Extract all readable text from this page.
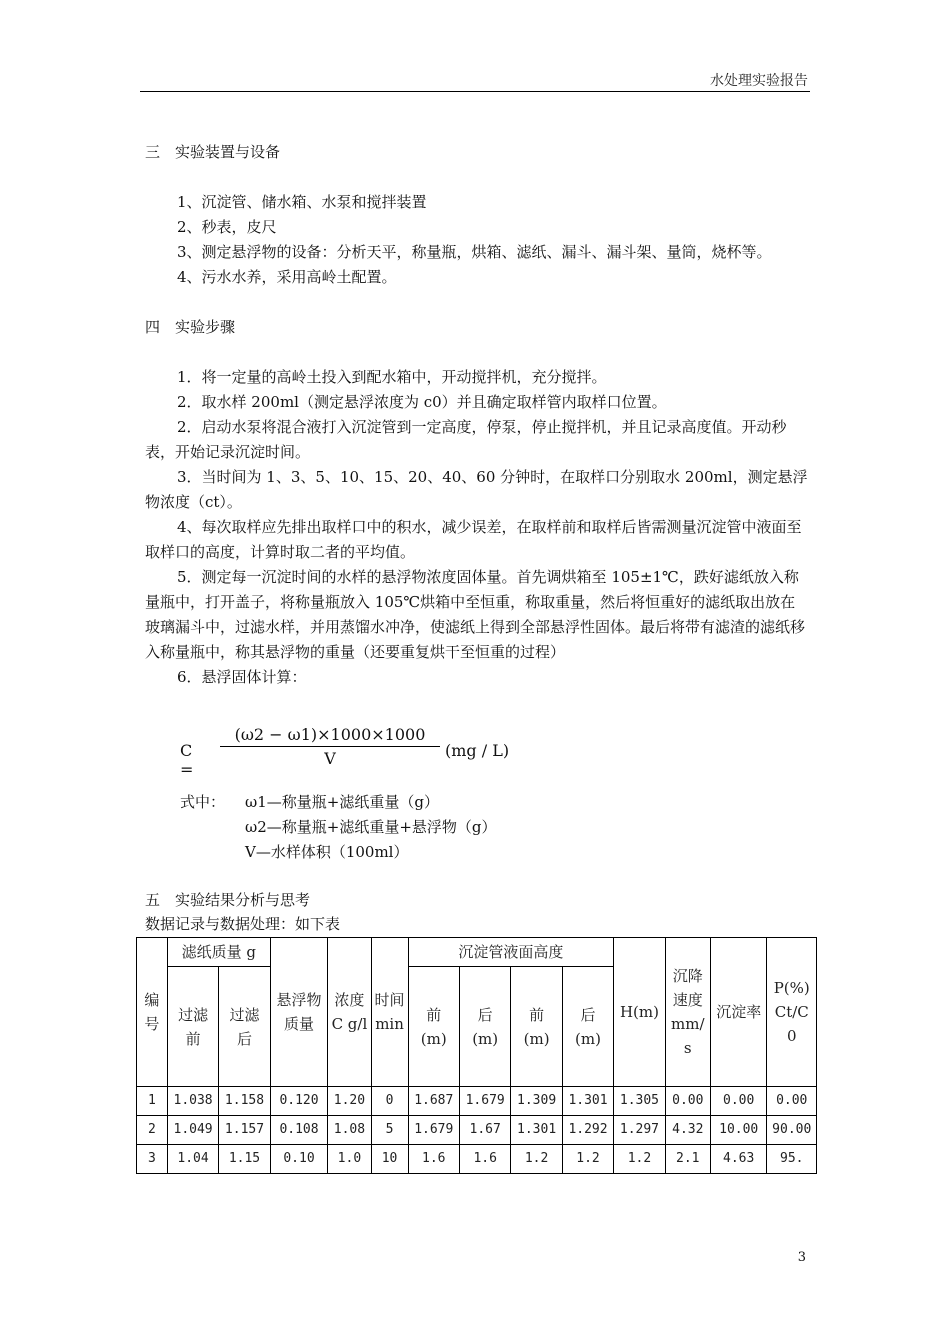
水处理实验报告
三　实验装置与设备
1、沉淀管、储水箱、水泵和搅拌装置
2、秒表，皮尺
3、测定悬浮物的设备：分析天平，称量瓶，烘箱、滤纸、漏斗、漏斗架、量筒，烧杯等。
4、污水水养，采用高岭土配置。
四　实验步骤
1．将一定量的高岭土投入到配水箱中，开动搅拌机，充分搅拌。
2．取水样 200ml（测定悬浮浓度为 c0）并且确定取样管内取样口位置。
2．启动水泵将混合液打入沉淀管到一定高度，停泵，停止搅拌机，并且记录高度值。开动秒表，开始记录沉淀时间。
3．当时间为 1、3、5、10、15、20、40、60 分钟时，在取样口分别取水 200ml，测定悬浮物浓度（ct）。
4、每次取样应先排出取样口中的积水，减少误差，在取样前和取样后皆需测量沉淀管中液面至取样口的高度，计算时取二者的平均值。
5．测定每一沉淀时间的水样的悬浮物浓度固体量。首先调烘箱至 105±1℃，跌好滤纸放入称量瓶中，打开盖子，将称量瓶放入 105℃烘箱中至恒重，称取重量，然后将恒重好的滤纸取出放在玻璃漏斗中，过滤水样，并用蒸馏水冲净，使滤纸上得到全部悬浮性固体。最后将带有滤渣的滤纸移入称量瓶中，称其悬浮物的重量（还要重复烘干至恒重的过程）
6．悬浮固体计算：
C =
$\frac{(\omega 2 - \omega 1)\times 1000\times 1000}{V} (mg / L)$
式中： ω1—称量瓶+滤纸重量（g）
ω2—称量瓶+滤纸重量+悬浮物（g）
V—水样体积（100ml）
五　实验结果分析与思考
数据记录与数据处理：如下表
编号	滤纸质量 g		悬浮物质量	浓度 C g/l	时间 min	沉淀管液面高度				H(m)	沉降速度 mm/s	沉淀率	P(%) Ct/C0
	过滤前	过滤后				前 (m)	后 (m)	前 (m)	后 (m)				
1	1.038	1.158	0.120	1.20	0	1.687	1.679	1.309	1.301	1.305	0.00	0.00	0.00
2	1.049	1.157	0.108	1.08	5	1.679	1.67	1.301	1.292	1.297	4.32	10.00	90.00
3	1.04	1.15	0.10	1.0	10	1.6	1.6	1.2	1.2	1.2	2.1	4.63	95.
3
